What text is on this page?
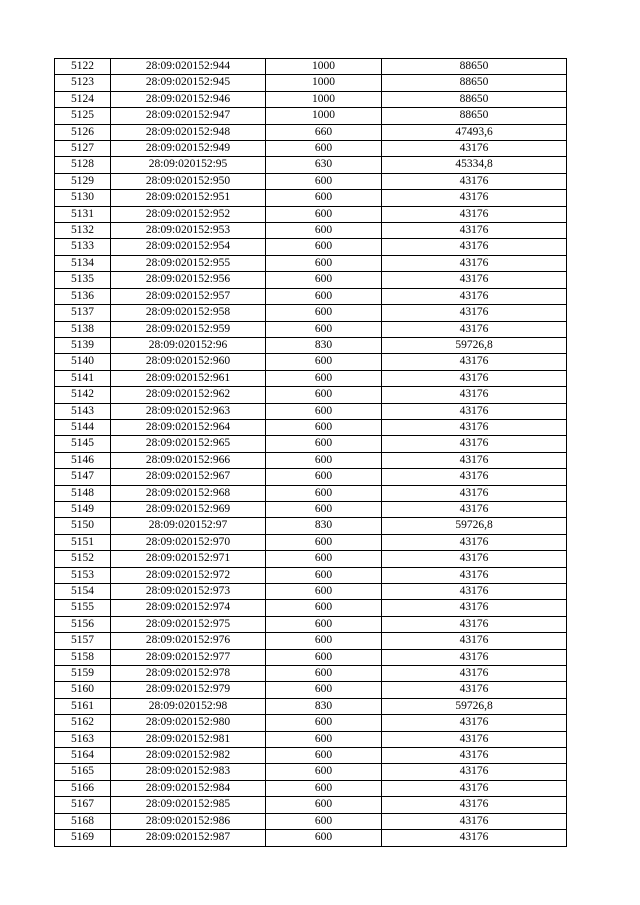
5122	28:09:020152:944	1000	88650
5123	28:09:020152:945	1000	88650
5124	28:09:020152:946	1000	88650
5125	28:09:020152:947	1000	88650
5126	28:09:020152:948	660	47493,6
5127	28:09:020152:949	600	43176
5128	28:09:020152:95	630	45334,8
5129	28:09:020152:950	600	43176
5130	28:09:020152:951	600	43176
5131	28:09:020152:952	600	43176
5132	28:09:020152:953	600	43176
5133	28:09:020152:954	600	43176
5134	28:09:020152:955	600	43176
5135	28:09:020152:956	600	43176
5136	28:09:020152:957	600	43176
5137	28:09:020152:958	600	43176
5138	28:09:020152:959	600	43176
5139	28:09:020152:96	830	59726,8
5140	28:09:020152:960	600	43176
5141	28:09:020152:961	600	43176
5142	28:09:020152:962	600	43176
5143	28:09:020152:963	600	43176
5144	28:09:020152:964	600	43176
5145	28:09:020152:965	600	43176
5146	28:09:020152:966	600	43176
5147	28:09:020152:967	600	43176
5148	28:09:020152:968	600	43176
5149	28:09:020152:969	600	43176
5150	28:09:020152:97	830	59726,8
5151	28:09:020152:970	600	43176
5152	28:09:020152:971	600	43176
5153	28:09:020152:972	600	43176
5154	28:09:020152:973	600	43176
5155	28:09:020152:974	600	43176
5156	28:09:020152:975	600	43176
5157	28:09:020152:976	600	43176
5158	28:09:020152:977	600	43176
5159	28:09:020152:978	600	43176
5160	28:09:020152:979	600	43176
5161	28:09:020152:98	830	59726,8
5162	28:09:020152:980	600	43176
5163	28:09:020152:981	600	43176
5164	28:09:020152:982	600	43176
5165	28:09:020152:983	600	43176
5166	28:09:020152:984	600	43176
5167	28:09:020152:985	600	43176
5168	28:09:020152:986	600	43176
5169	28:09:020152:987	600	43176
